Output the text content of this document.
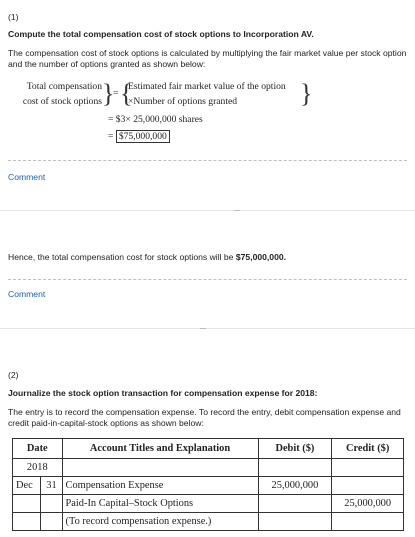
(1)

Compute the total compensation cost of stock options to Incorporation AV.

The compensation cost of stock options is calculated by multiplying the fair market value per stock option and the number of options granted as shown below:

Total compensation
cost of stock options }
= {
Estimated fair market value of the option
×Number of options granted }
= $3× 25,000,000 shares
= $75,000,000
Comment

Hence, the total compensation cost for stock options will be $75,000,000.

Comment

(2)

Journalize the stock option transaction for compensation expense for 2018:

The entry is to record the compensation expense. To record the entry, debit compensation expense and credit paid-in-capital-stock options as shown below:

Date		Account Titles and Explanation	Debit ($)	Credit ($)
2018				
Dec	31	Compensation Expense	25,000,000	
		Paid-In Capital–Stock Options		25,000,000
		(To record compensation expense.)		
